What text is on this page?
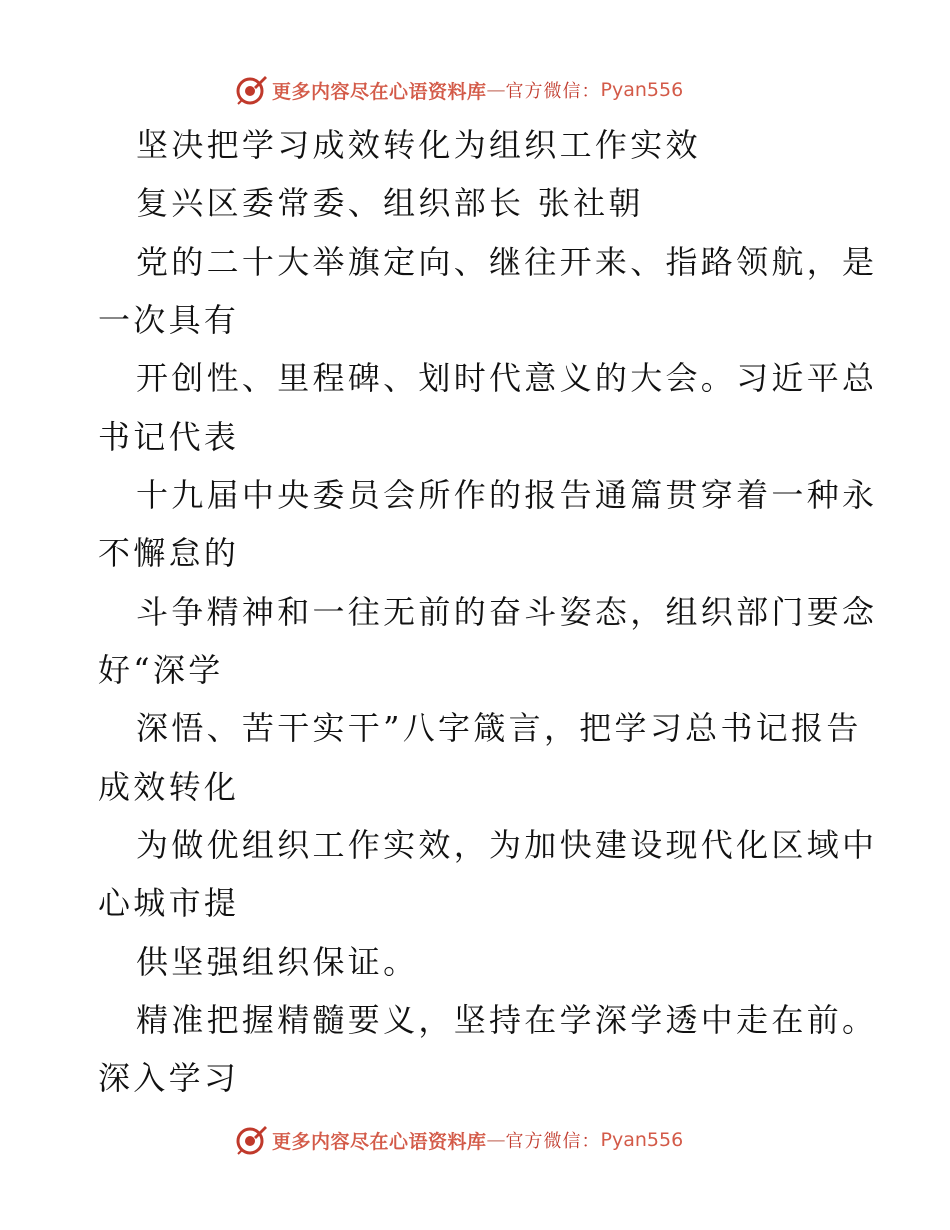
更多内容尽在心语资料库 — 官方微信： Pyan556
坚决把学习成效转化为组织工作实效
复兴区委常委、组织部长 张社朝
党的二十大举旗定向、继往开来、指路领航，是
一次具有
开创性、里程碑、划时代意义的大会。习近平总
书记代表
十九届中央委员会所作的报告通篇贯穿着一种永
不懈怠的
斗争精神和一往无前的奋斗姿态，组织部门要念
好“深学
深悟、苦干实干”八字箴言，把学习总书记报告
成效转化
为做优组织工作实效，为加快建设现代化区域中
心城市提
供坚强组织保证。
精准把握精髓要义，坚持在学深学透中走在前。
深入学习
更多内容尽在心语资料库 — 官方微信： Pyan556
